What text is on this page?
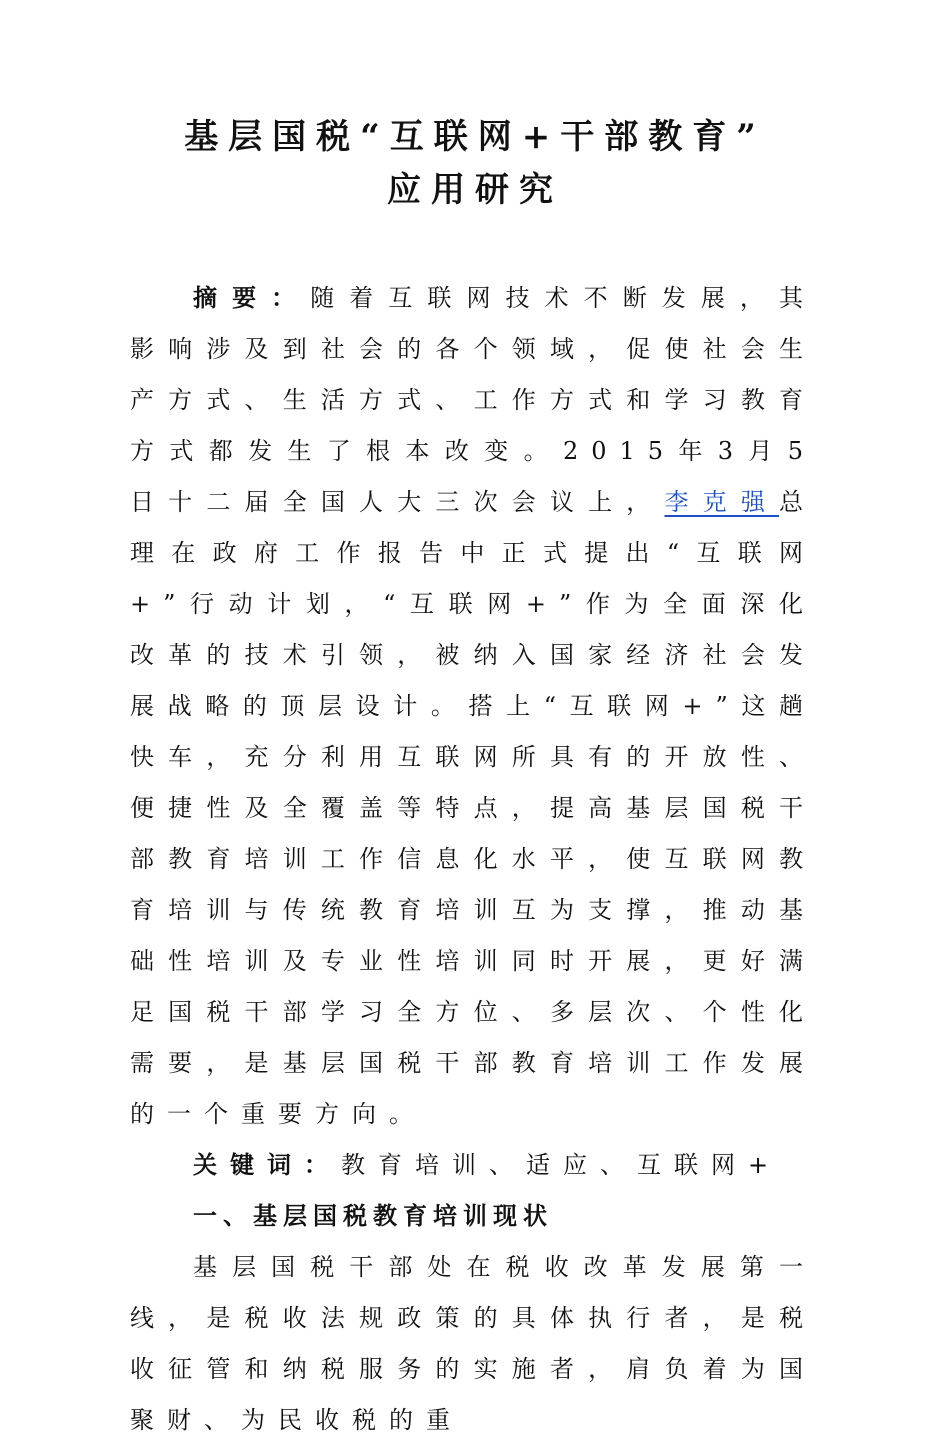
基层国税“互联网+干部教育”
应用研究

摘要：随着互联网技术不断发展，其影响涉及到社会的各个领域，促使社会生产方式、生活方式、工作方式和学习教育方式都发生了根本改变。2015年3月5日十二届全国人大三次会议上，李克强总理在政府工作报告中正式提出“互联网+”行动计划，“互联网+”作为全面深化改革的技术引领，被纳入国家经济社会发展战略的顶层设计。搭上“互联网+”这趟快车，充分利用互联网所具有的开放性、便捷性及全覆盖等特点，提高基层国税干部教育培训工作信息化水平，使互联网教育培训与传统教育培训互为支撑，推动基础性培训及专业性培训同时开展，更好满足国税干部学习全方位、多层次、个性化需要，是基层国税干部教育培训工作发展的一个重要方向。

关键词：教育培训、适应、互联网+

一、基层国税教育培训现状

基层国税干部处在税收改革发展第一线，是税收法规政策的具体执行者，是税收征管和纳税服务的实施者，肩负着为国聚财、为民收税的重
